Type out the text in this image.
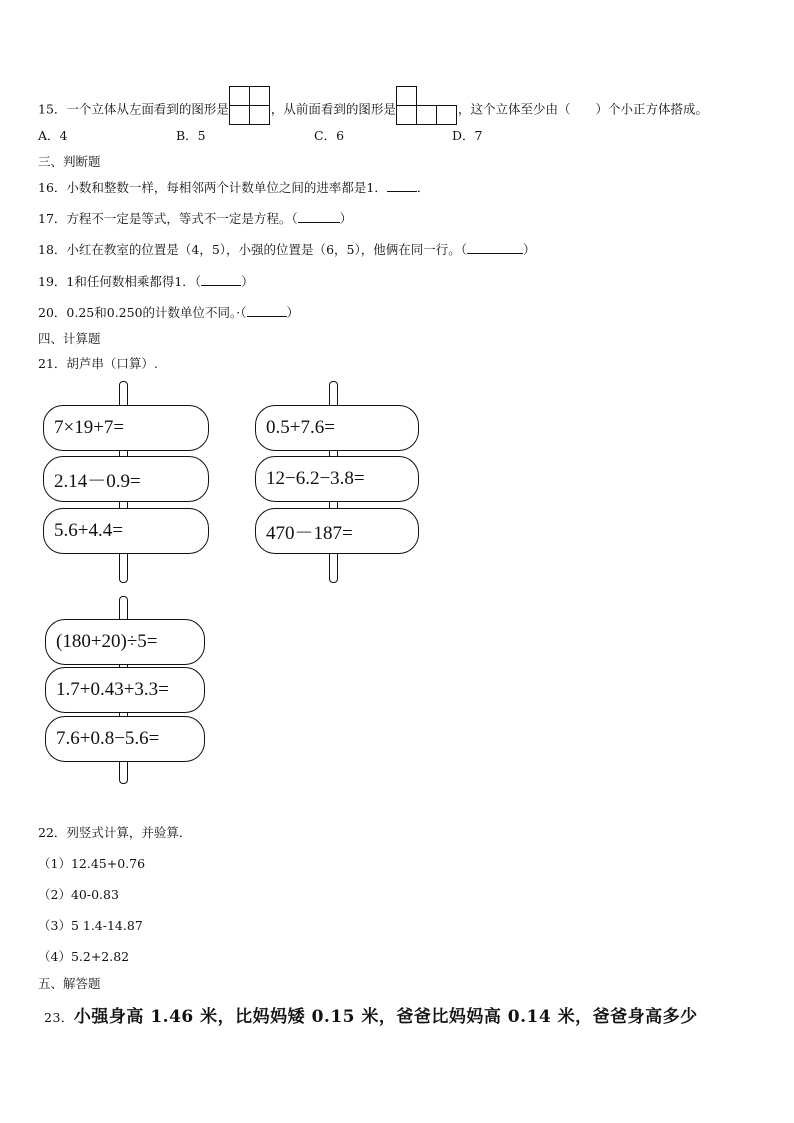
15．一个立体从左面看到的图形是	，从前面看到的图形是	，这个立体至少由（　　）个小正方体搭成。
A．4	B．5	C．6	D．7
三、判断题
16．小数和整数一样，每相邻两个计数单位之间的进率都是1． ．
17．方程不一定是等式，等式不一定是方程。（	）
18．小红在教室的位置是（4，5），小强的位置是（6，5），他俩在同一行。（	）
19．1和任何数相乘都得1．（	）
20．0.25和0.250的计数单位不同。·（	）
四、计算题
21．胡芦串（口算）.
7×19+7=
2.14－0.9=
5.6+4.4=
0.5+7.6=
12−6.2−3.8=
470－187=
(180+20)÷5=
1.7+0.43+3.3=
7.6+0.8−5.6=
22．列竖式计算，并验算．
（1）12.45+0.76
（2）40-0.83
（3）5 1.4-14.87
（4）5.2+2.82
五、解答题
23．小强身高 1.46 米，比妈妈矮 0.15 米，爸爸比妈妈高 0.14 米，爸爸身高多少
